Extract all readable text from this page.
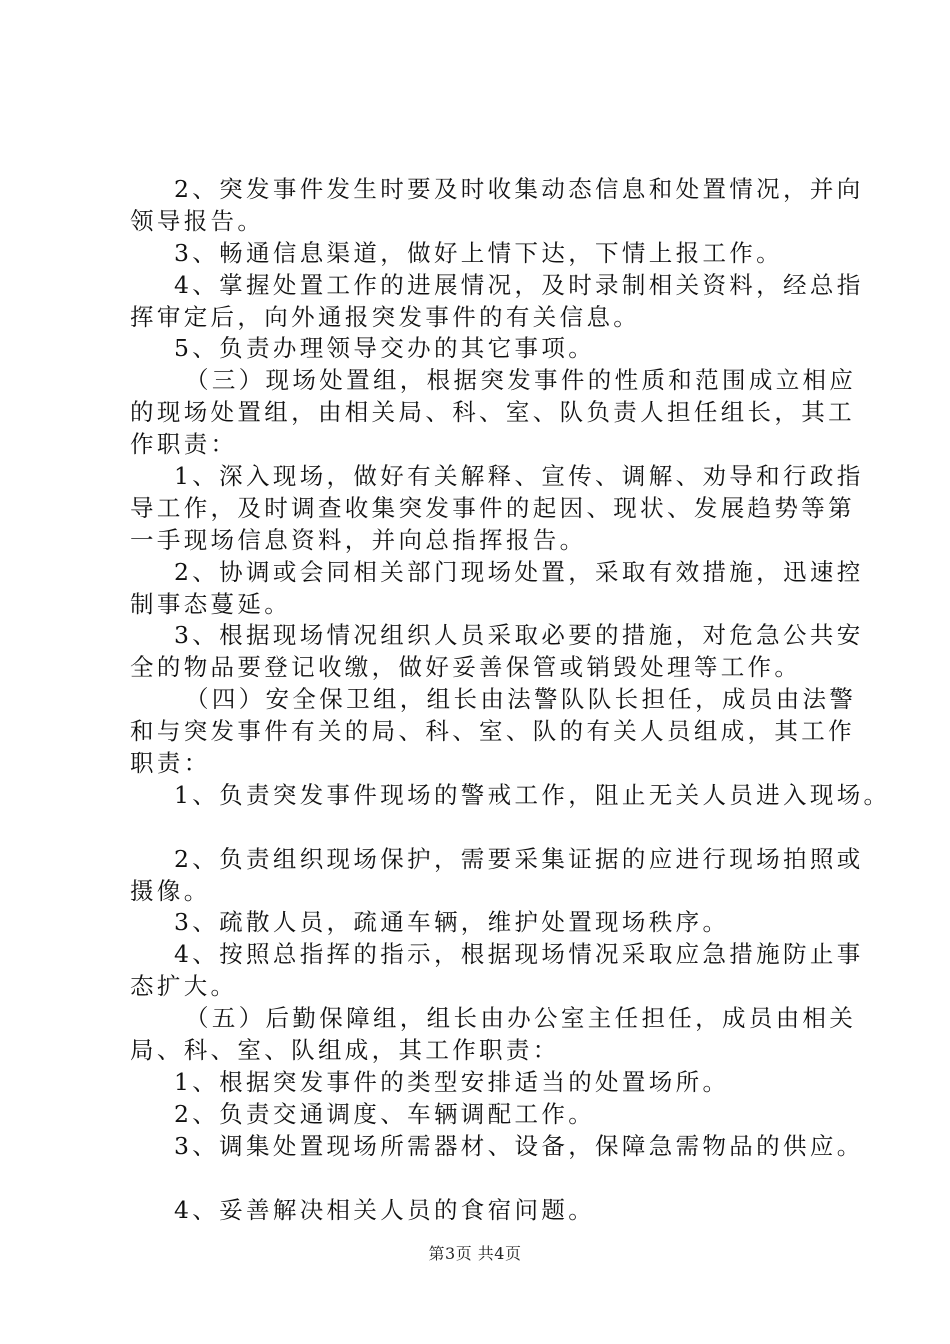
2、突发事件发生时要及时收集动态信息和处置情况，并向
领导报告。
3、畅通信息渠道，做好上情下达，下情上报工作。
4、掌握处置工作的进展情况，及时录制相关资料，经总指
挥审定后，向外通报突发事件的有关信息。
5、负责办理领导交办的其它事项。
（三）现场处置组，根据突发事件的性质和范围成立相应
的现场处置组，由相关局、科、室、队负责人担任组长，其工
作职责：
1、深入现场，做好有关解释、宣传、调解、劝导和行政指
导工作，及时调查收集突发事件的起因、现状、发展趋势等第
一手现场信息资料，并向总指挥报告。
2、协调或会同相关部门现场处置，采取有效措施，迅速控
制事态蔓延。
3、根据现场情况组织人员采取必要的措施，对危急公共安
全的物品要登记收缴，做好妥善保管或销毁处理等工作。
（四）安全保卫组，组长由法警队队长担任，成员由法警
和与突发事件有关的局、科、室、队的有关人员组成，其工作
职责：
1、负责突发事件现场的警戒工作，阻止无关人员进入现场。
2、负责组织现场保护，需要采集证据的应进行现场拍照或
摄像。
3、疏散人员，疏通车辆，维护处置现场秩序。
4、按照总指挥的指示，根据现场情况采取应急措施防止事
态扩大。
（五）后勤保障组，组长由办公室主任担任，成员由相关
局、科、室、队组成，其工作职责：
1、根据突发事件的类型安排适当的处置场所。
2、负责交通调度、车辆调配工作。
3、调集处置现场所需器材、设备，保障急需物品的供应。
4、妥善解决相关人员的食宿问题。
第3页 共4页
